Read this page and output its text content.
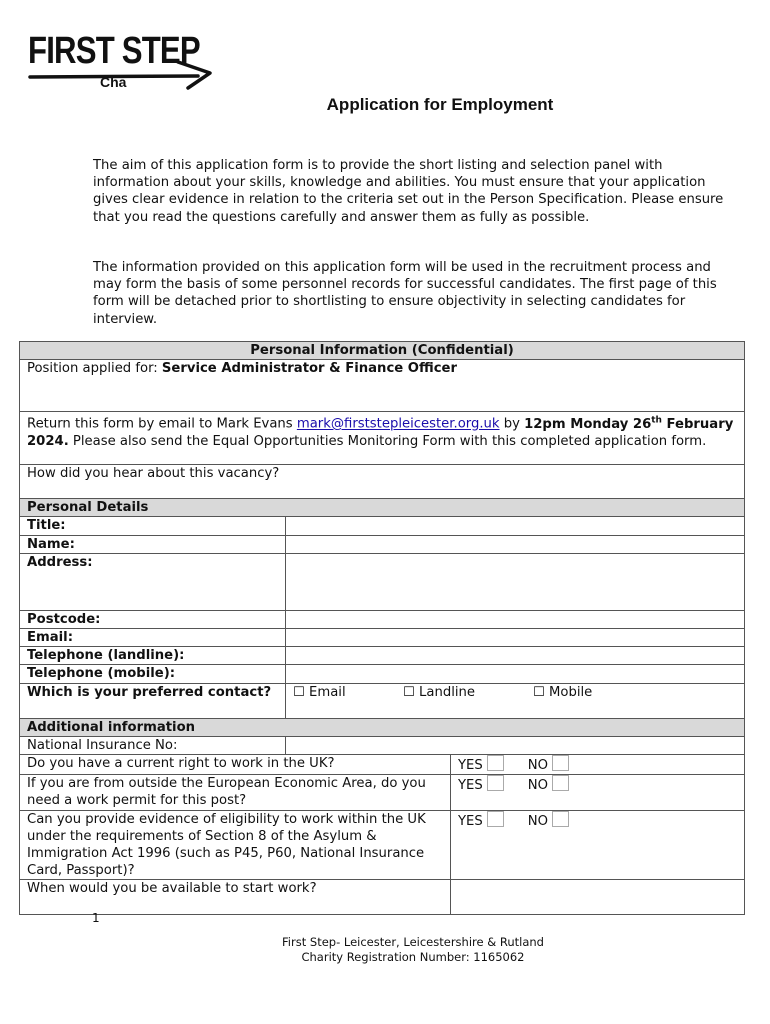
FIRST STEP
Cha
Application for Employment
The aim of this application form is to provide the short listing and selection panel with information about your skills, knowledge and abilities. You must ensure that your application gives clear evidence in relation to the criteria set out in the Person Specification. Please ensure that you read the questions carefully and answer them as fully as possible.
The information provided on this application form will be used in the recruitment process and may form the basis of some personnel records for successful candidates. The first page of this form will be detached prior to shortlisting to ensure objectivity in selecting candidates for interview.
Personal Information (Confidential)		
Position applied for: Service Administrator & Finance Officer		
Return this form by email to Mark Evans mark@firststepleicester.org.uk by 12pm Monday 26th February 2024. Please also send the Equal Opportunities Monitoring Form with this completed application form.		
How did you hear about this vacancy?		
Personal Details		
Title:		
Name:		
Address:		
Postcode:		
Email:		
Telephone (landline):		
Telephone (mobile):		
Which is your preferred contact?	☐ Email ☐ Landline ☐ Mobile	
Additional information		
National Insurance No:		
Do you have a current right to work in the UK?		YES NO
If you are from outside the European Economic Area, do you need a work permit for this post?		YES NO
Can you provide evidence of eligibility to work within the UK under the requirements of Section 8 of the Asylum & Immigration Act 1996 (such as P45, P60, National Insurance Card, Passport)?		YES NO
When would you be available to start work?		
1
First Step- Leicester, Leicestershire & Rutland
Charity Registration Number: 1165062
